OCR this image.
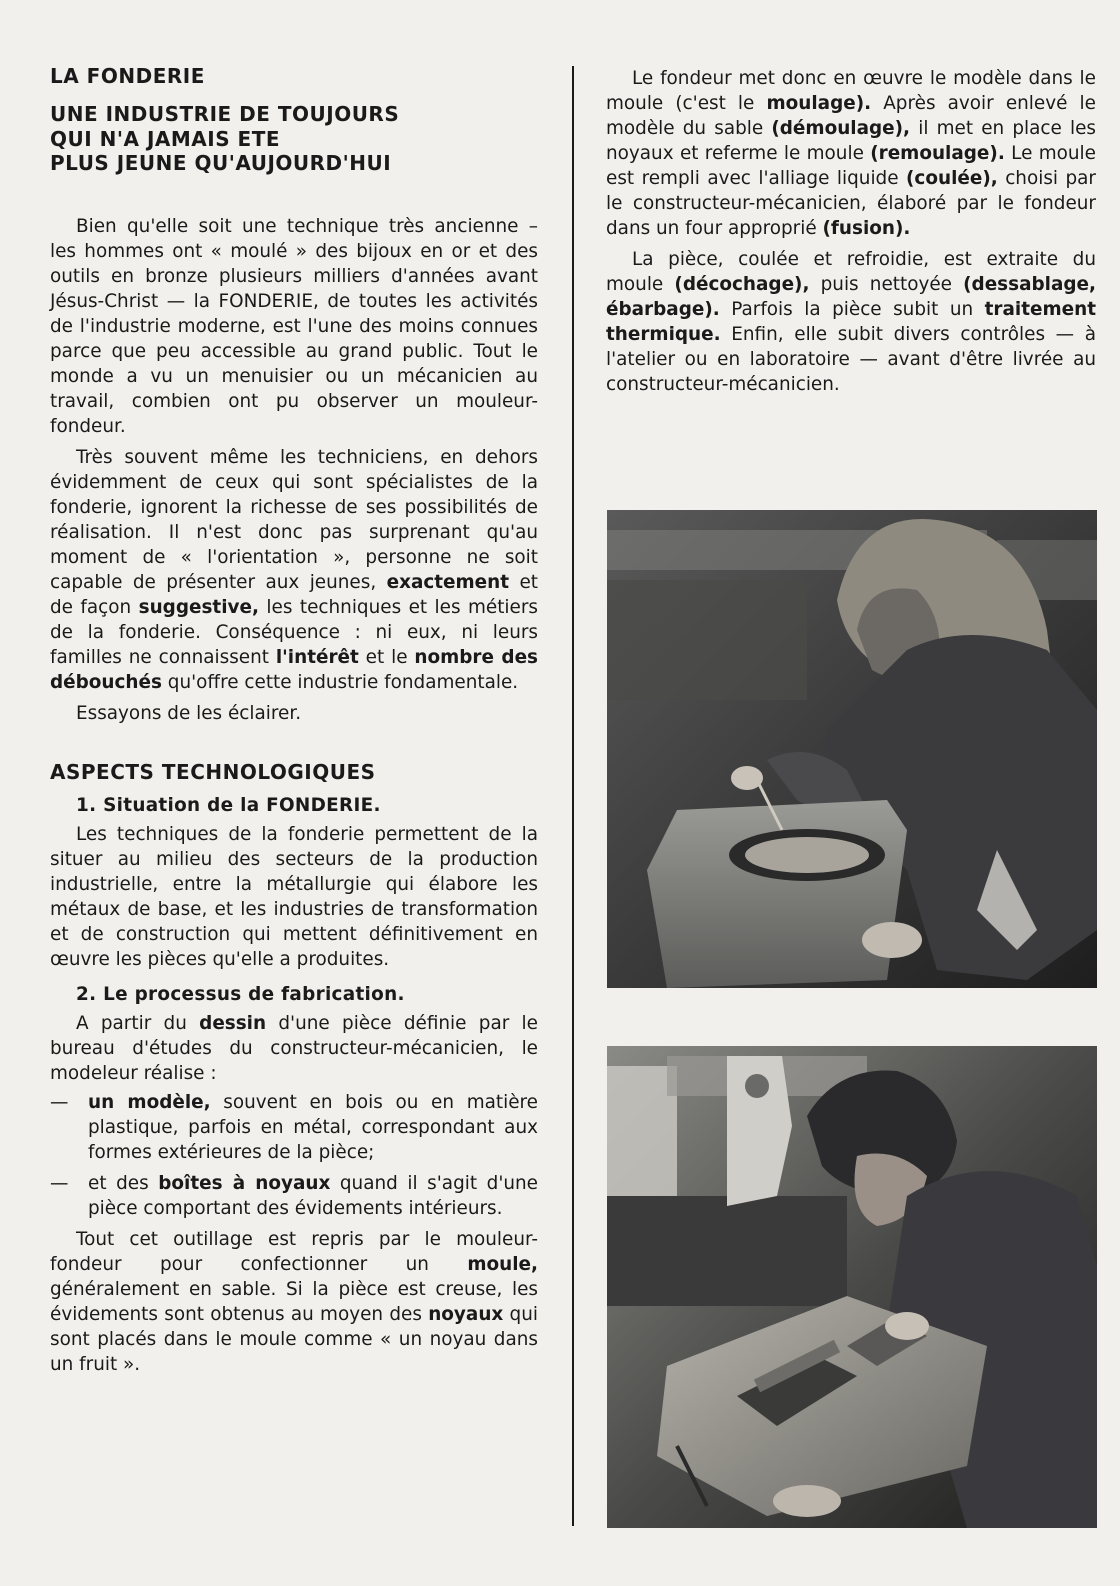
LA FONDERIE
UNE INDUSTRIE DE TOUJOURS
QUI N'A JAMAIS ETE
PLUS JEUNE QU'AUJOURD'HUI

Bien qu'elle soit une technique très ancienne – les hommes ont « moulé » des bijoux en or et des outils en bronze plusieurs milliers d'années avant Jésus-Christ — la FONDERIE, de toutes les activités de l'industrie moderne, est l'une des moins connues parce que peu accessible au grand public. Tout le monde a vu un menuisier ou un mécanicien au travail, combien ont pu observer un mouleur-fondeur.

Très souvent même les techniciens, en dehors évidemment de ceux qui sont spécialistes de la fonderie, ignorent la richesse de ses possibilités de réalisation. Il n'est donc pas surprenant qu'au moment de « l'orientation », personne ne soit capable de présenter aux jeunes, exactement et de façon suggestive, les techniques et les métiers de la fonderie. Conséquence : ni eux, ni leurs familles ne connaissent l'intérêt et le nombre des débouchés qu'offre cette industrie fondamentale.

Essayons de les éclairer.

ASPECTS TECHNOLOGIQUES
1. Situation de la FONDERIE.

Les techniques de la fonderie permettent de la situer au milieu des secteurs de la production industrielle, entre la métallurgie qui élabore les métaux de base, et les industries de transformation et de construction qui mettent définitivement en œuvre les pièces qu'elle a produites.

2. Le processus de fabrication.

A partir du dessin d'une pièce définie par le bureau d'études du constructeur-mécanicien, le modeleur réalise :

— un modèle, souvent en bois ou en matière plastique, parfois en métal, correspondant aux formes extérieures de la pièce;
— et des boîtes à noyaux quand il s'agit d'une pièce comportant des évidements intérieurs.

Tout cet outillage est repris par le mouleur-fondeur pour confectionner un moule, généralement en sable. Si la pièce est creuse, les évidements sont obtenus au moyen des noyaux qui sont placés dans le moule comme « un noyau dans un fruit ».

Le fondeur met donc en œuvre le modèle dans le moule (c'est le moulage). Après avoir enlevé le modèle du sable (démoulage), il met en place les noyaux et referme le moule (remoulage). Le moule est rempli avec l'alliage liquide (coulée), choisi par le constructeur-mécanicien, élaboré par le fondeur dans un four approprié (fusion).

La pièce, coulée et refroidie, est extraite du moule (décochage), puis nettoyée (dessablage, ébarbage). Parfois la pièce subit un traitement thermique. Enfin, elle subit divers contrôles — à l'atelier ou en laboratoire — avant d'être livrée au constructeur-mécanicien.
